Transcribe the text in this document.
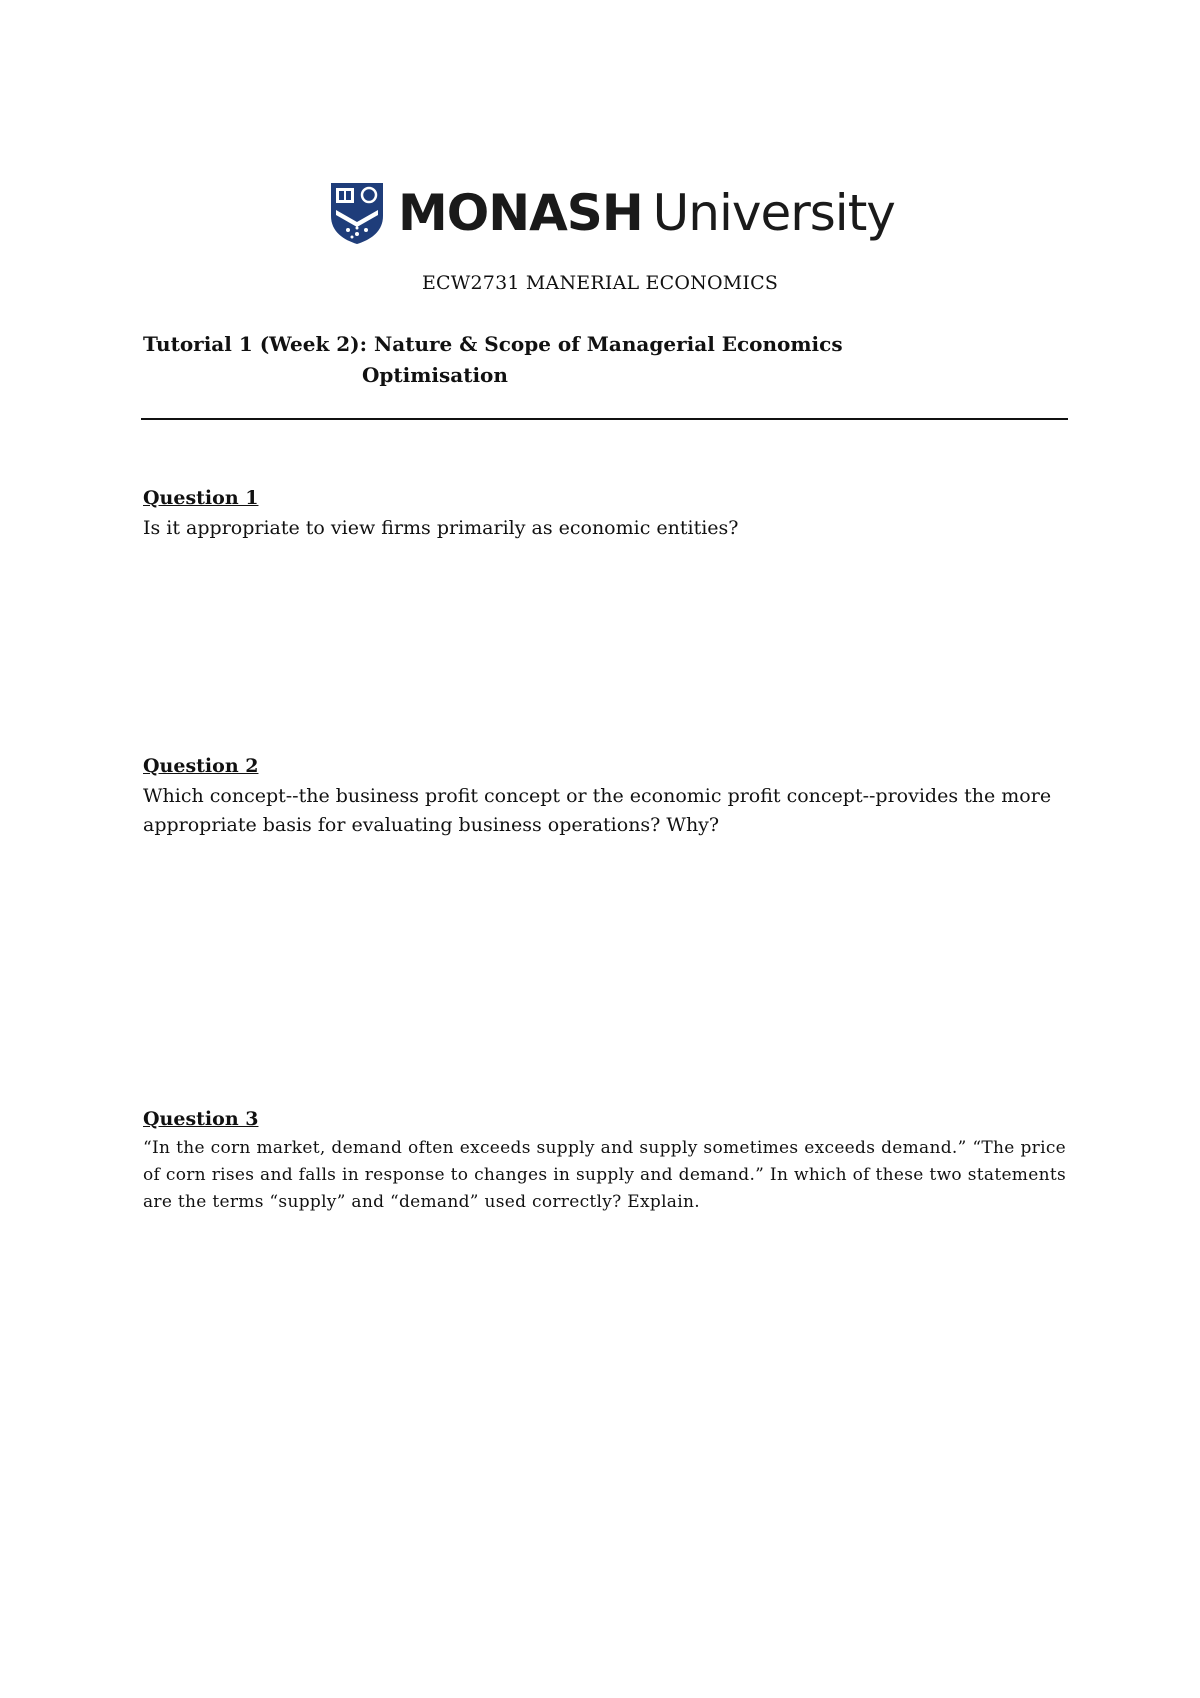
MONASH University
ECW2731 MANERIAL ECONOMICS
Tutorial 1 (Week 2): Nature & Scope of Managerial Economics
Optimisation

Question 1

Is it appropriate to view firms primarily as economic entities?

Question 2

Which concept--the business profit concept or the economic profit concept--provides the more appropriate basis for evaluating business operations? Why?

Question 3

“In the corn market, demand often exceeds supply and supply sometimes exceeds demand.” “The price of corn rises and falls in response to changes in supply and demand.” In which of these two statements are the terms “supply” and “demand” used correctly? Explain.
